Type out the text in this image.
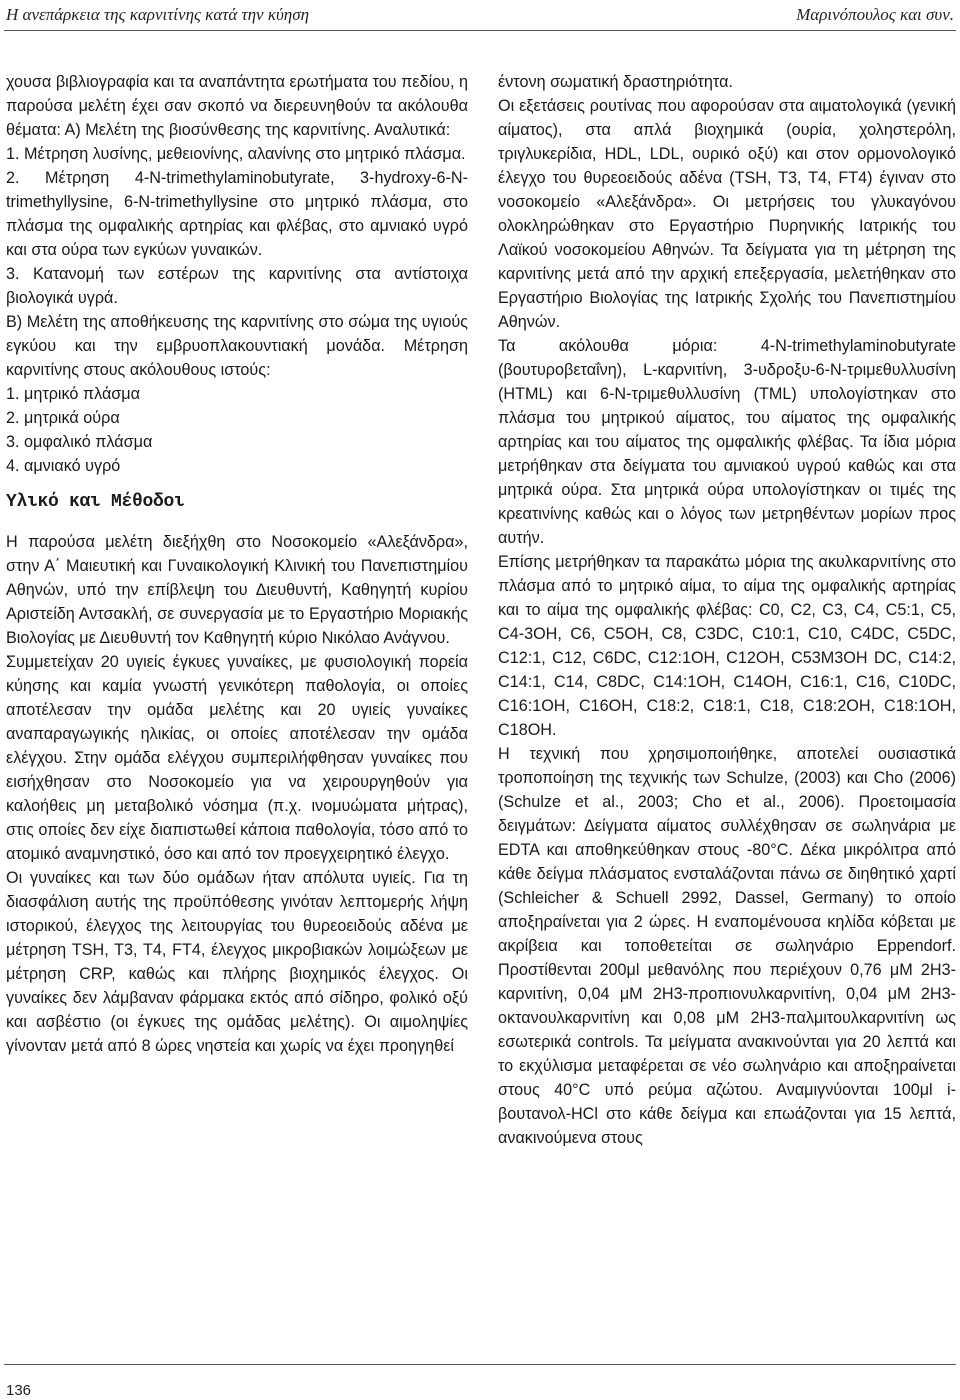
Η ανεπάρκεια της καρνιτίνης κατά την κύηση	Μαρινόπουλος και συν.

χουσα βιβλιογραφία και τα αναπάντητα ερωτήματα του πεδίου, η παρούσα μελέτη έχει σαν σκοπό να διερευνηθούν τα ακόλουθα θέματα: Α) Μελέτη της βιοσύνθεσης της καρνιτίνης. Αναλυτικά:

1. Μέτρηση λυσίνης, μεθειονίνης, αλανίνης στο μητρικό πλάσμα.

2. Μέτρηση 4-N-trimethylaminobutyrate, 3-hydroxy-6-N-trimethyllysine, 6-N-trimethyllysine στο μητρικό πλάσμα, στο πλάσμα της ομφαλικής αρτηρίας και φλέβας, στο αμνιακό υγρό και στα ούρα των εγκύων γυναικών.

3. Κατανομή των εστέρων της καρνιτίνης στα αντίστοιχα βιολογικά υγρά.

Β) Μελέτη της αποθήκευσης της καρνιτίνης στο σώμα της υγιούς εγκύου και την εμβρυοπλακουντιακή μονάδα. Μέτρηση καρνιτίνης στους ακόλουθους ιστούς:

1. μητρικό πλάσμα

2. μητρικά ούρα

3. ομφαλικό πλάσμα

4. αμνιακό υγρό

Υλικό και Μέθοδοι

Η παρούσα μελέτη διεξήχθη στο Νοσοκομείο «Αλεξάνδρα», στην Α΄ Μαιευτική και Γυναικολογική Κλινική του Πανεπιστημίου Αθηνών, υπό την επίβλεψη του Διευθυντή, Καθηγητή κυρίου Αριστείδη Αντσακλή, σε συνεργασία με το Εργαστήριο Μοριακής Βιολογίας με Διευθυντή τον Καθηγητή κύριο Νικόλαο Ανάγνου.

Συμμετείχαν 20 υγιείς έγκυες γυναίκες, με φυσιολογική πορεία κύησης και καμία γνωστή γενικότερη παθολογία, οι οποίες αποτέλεσαν την ομάδα μελέτης και 20 υγιείς γυναίκες αναπαραγωγικής ηλικίας, οι οποίες αποτέλεσαν την ομάδα ελέγχου. Στην ομάδα ελέγχου συμπεριλήφθησαν γυναίκες που εισήχθησαν στο Νοσοκομείο για να χειρουργηθούν για καλοήθεις μη μεταβολικό νόσημα (π.χ. ινομυώματα μήτρας), στις οποίες δεν είχε διαπιστωθεί κάποια παθολογία, τόσο από το ατομικό αναμνηστικό, όσο και από τον προεγχειρητικό έλεγχο.

Οι γυναίκες και των δύο ομάδων ήταν απόλυτα υγιείς. Για τη διασφάλιση αυτής της προϋπόθεσης γινόταν λεπτομερής λήψη ιστορικού, έλεγχος της λειτουργίας του θυρεοειδούς αδένα με μέτρηση TSH, T3, T4, FT4, έλεγχος μικροβιακών λοιμώξεων με μέτρηση CRP, καθώς και πλήρης βιοχημικός έλεγχος. Οι γυναίκες δεν λάμβαναν φάρμακα εκτός από σίδηρο, φολικό οξύ και ασβέστιο (οι έγκυες της ομάδας μελέτης). Οι αιμοληψίες γίνονταν μετά από 8 ώρες νηστεία και χωρίς να έχει προηγηθεί

έντονη σωματική δραστηριότητα.

Οι εξετάσεις ρουτίνας που αφορούσαν στα αιματολογικά (γενική αίματος), στα απλά βιοχημικά (ουρία, χοληστερόλη, τριγλυκερίδια, HDL, LDL, ουρικό οξύ) και στον ορμονολογικό έλεγχο του θυρεοειδούς αδένα (TSH, T3, T4, FT4) έγιναν στο νοσοκομείο «Αλεξάνδρα». Οι μετρήσεις του γλυκαγόνου ολοκληρώθηκαν στο Εργαστήριο Πυρηνικής Ιατρικής του Λαϊκού νοσοκομείου Αθηνών. Τα δείγματα για τη μέτρηση της καρνιτίνης μετά από την αρχική επεξεργασία, μελετήθηκαν στο Εργαστήριο Βιολογίας της Ιατρικής Σχολής του Πανεπιστημίου Αθηνών.

Τα ακόλουθα μόρια: 4-N-trimethylaminobutyrate (βουτυροβεταΐνη), L-καρνιτίνη, 3-υδροξυ-6-N-τριμεθυλλυσίνη (HTML) και 6-N-τριμεθυλλυσίνη (TML) υπολογίστηκαν στο πλάσμα του μητρικού αίματος, του αίματος της ομφαλικής αρτηρίας και του αίματος της ομφαλικής φλέβας. Τα ίδια μόρια μετρήθηκαν στα δείγματα του αμνιακού υγρού καθώς και στα μητρικά ούρα. Στα μητρικά ούρα υπολογίστηκαν οι τιμές της κρεατινίνης καθώς και ο λόγος των μετρηθέντων μορίων προς αυτήν.

Επίσης μετρήθηκαν τα παρακάτω μόρια της ακυλκαρνιτίνης στο πλάσμα από το μητρικό αίμα, το αίμα της ομφαλικής αρτηρίας και το αίμα της ομφαλικής φλέβας: C0, C2, C3, C4, C5:1, C5, C4-3OH, C6, C5OH, C8, C3DC, C10:1, C10, C4DC, C5DC, C12:1, C12, C6DC, C12:1OH, C12OH, C53M3OH DC, C14:2, C14:1, C14, C8DC, C14:1OH, C14OH, C16:1, C16, C10DC, C16:1OH, C16OH, C18:2, C18:1, C18, C18:2OH, C18:1OH, C18OH.

Η τεχνική που χρησιμοποιήθηκε, αποτελεί ουσιαστικά τροποποίηση της τεχνικής των Schulze, (2003) και Cho (2006) (Schulze et al., 2003; Cho et al., 2006). Προετοιμασία δειγμάτων: Δείγματα αίματος συλλέχθησαν σε σωληνάρια με EDTA και αποθηκεύθηκαν στους -80°C. Δέκα μικρόλιτρα από κάθε δείγμα πλάσματος ενσταλάζονται πάνω σε διηθητικό χαρτί (Schleicher & Schuell 2992, Dassel, Germany) το οποίο αποξηραίνεται για 2 ώρες. Η εναπομένουσα κηλίδα κόβεται με ακρίβεια και τοποθετείται σε σωληνάριο Eppendorf. Προστίθενται 200μl μεθανόλης που περιέχουν 0,76 μM 2H3-καρνιτίνη, 0,04 μM 2H3-προπιονυλκαρνιτίνη, 0,04 μM 2H3-οκτανουλκαρνιτίνη και 0,08 μM 2H3-παλμιτουλκαρνιτίνη ως εσωτερικά controls. Τα μείγματα ανακινούνται για 20 λεπτά και το εκχύλισμα μεταφέρεται σε νέο σωληνάριο και αποξηραίνεται στους 40°C υπό ρεύμα αζώτου. Αναμιγνύονται 100μl i-βουτανολ-HCl στο κάθε δείγμα και επωάζονται για 15 λεπτά, ανακινούμενα στους

136
